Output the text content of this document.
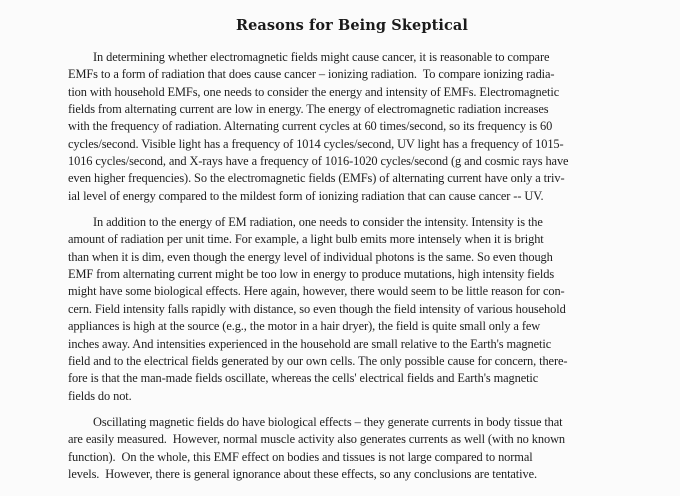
Reasons for Being Skeptical
In determining whether electromagnetic fields might cause cancer, it is reasonable to compare
EMFs to a form of radiation that does cause cancer – ionizing radiation.  To compare ionizing radia-
tion with household EMFs, one needs to consider the energy and intensity of EMFs. Electromagnetic
fields from alternating current are low in energy. The energy of electromagnetic radiation increases
with the frequency of radiation. Alternating current cycles at 60 times/second, so its frequency is 60
cycles/second. Visible light has a frequency of 1014 cycles/second, UV light has a frequency of 1015-
1016 cycles/second, and X-rays have a frequency of 1016-1020 cycles/second (g and cosmic rays have
even higher frequencies). So the electromagnetic fields (EMFs) of alternating current have only a triv-
ial level of energy compared to the mildest form of ionizing radiation that can cause cancer -- UV.
In addition to the energy of EM radiation, one needs to consider the intensity. Intensity is the
amount of radiation per unit time. For example, a light bulb emits more intensely when it is bright
than when it is dim, even though the energy level of individual photons is the same. So even though
EMF from alternating current might be too low in energy to produce mutations, high intensity fields
might have some biological effects. Here again, however, there would seem to be little reason for con-
cern. Field intensity falls rapidly with distance, so even though the field intensity of various household
appliances is high at the source (e.g., the motor in a hair dryer), the field is quite small only a few
inches away. And intensities experienced in the household are small relative to the Earth's magnetic
field and to the electrical fields generated by our own cells. The only possible cause for concern, there-
fore is that the man-made fields oscillate, whereas the cells' electrical fields and Earth's magnetic
fields do not.
Oscillating magnetic fields do have biological effects – they generate currents in body tissue that
are easily measured.  However, normal muscle activity also generates currents as well (with no known
function).  On the whole, this EMF effect on bodies and tissues is not large compared to normal
levels.  However, there is general ignorance about these effects, so any conclusions are tentative.
